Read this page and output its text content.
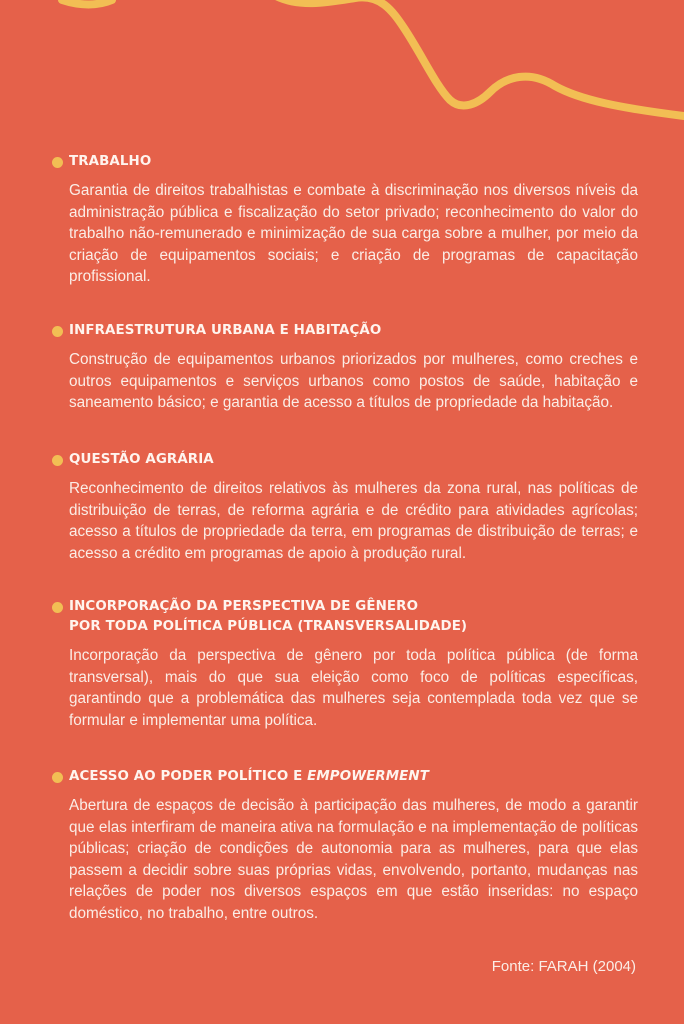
TRABALHO

Garantia de direitos trabalhistas e combate à discriminação nos diversos níveis da administração pública e fiscalização do setor privado; reconhecimento do valor do trabalho não-remunerado e minimização de sua carga sobre a mulher, por meio da criação de equipamentos sociais; e criação de programas de capacitação profissional.

INFRAESTRUTURA URBANA E HABITAÇÃO

Construção de equipamentos urbanos priorizados por mulheres, como creches e outros equipamentos e serviços urbanos como postos de saúde, habitação e saneamento básico; e garantia de acesso a títulos de propriedade da habitação.

QUESTÃO AGRÁRIA

Reconhecimento de direitos relativos às mulheres da zona rural, nas políticas de distribuição de terras, de reforma agrária e de crédito para atividades agrícolas; acesso a títulos de propriedade da terra, em programas de distribuição de terras; e acesso a crédito em programas de apoio à produção rural.

INCORPORAÇÃO DA PERSPECTIVA DE GÊNERO
POR TODA POLÍTICA PÚBLICA (TRANSVERSALIDADE)

Incorporação da perspectiva de gênero por toda política pública (de forma transversal), mais do que sua eleição como foco de políticas específicas, garantindo que a problemática das mulheres seja contemplada toda vez que se formular e implementar uma política.

ACESSO AO PODER POLÍTICO E EMPOWERMENT

Abertura de espaços de decisão à participação das mulheres, de modo a garantir que elas interfiram de maneira ativa na formulação e na implementação de políticas públicas; criação de condições de autonomia para as mulheres, para que elas passem a decidir sobre suas próprias vidas, envolvendo, portanto, mudanças nas relações de poder nos diversos espaços em que estão inseridas: no espaço doméstico, no trabalho, entre outros.

Fonte: FARAH (2004)
